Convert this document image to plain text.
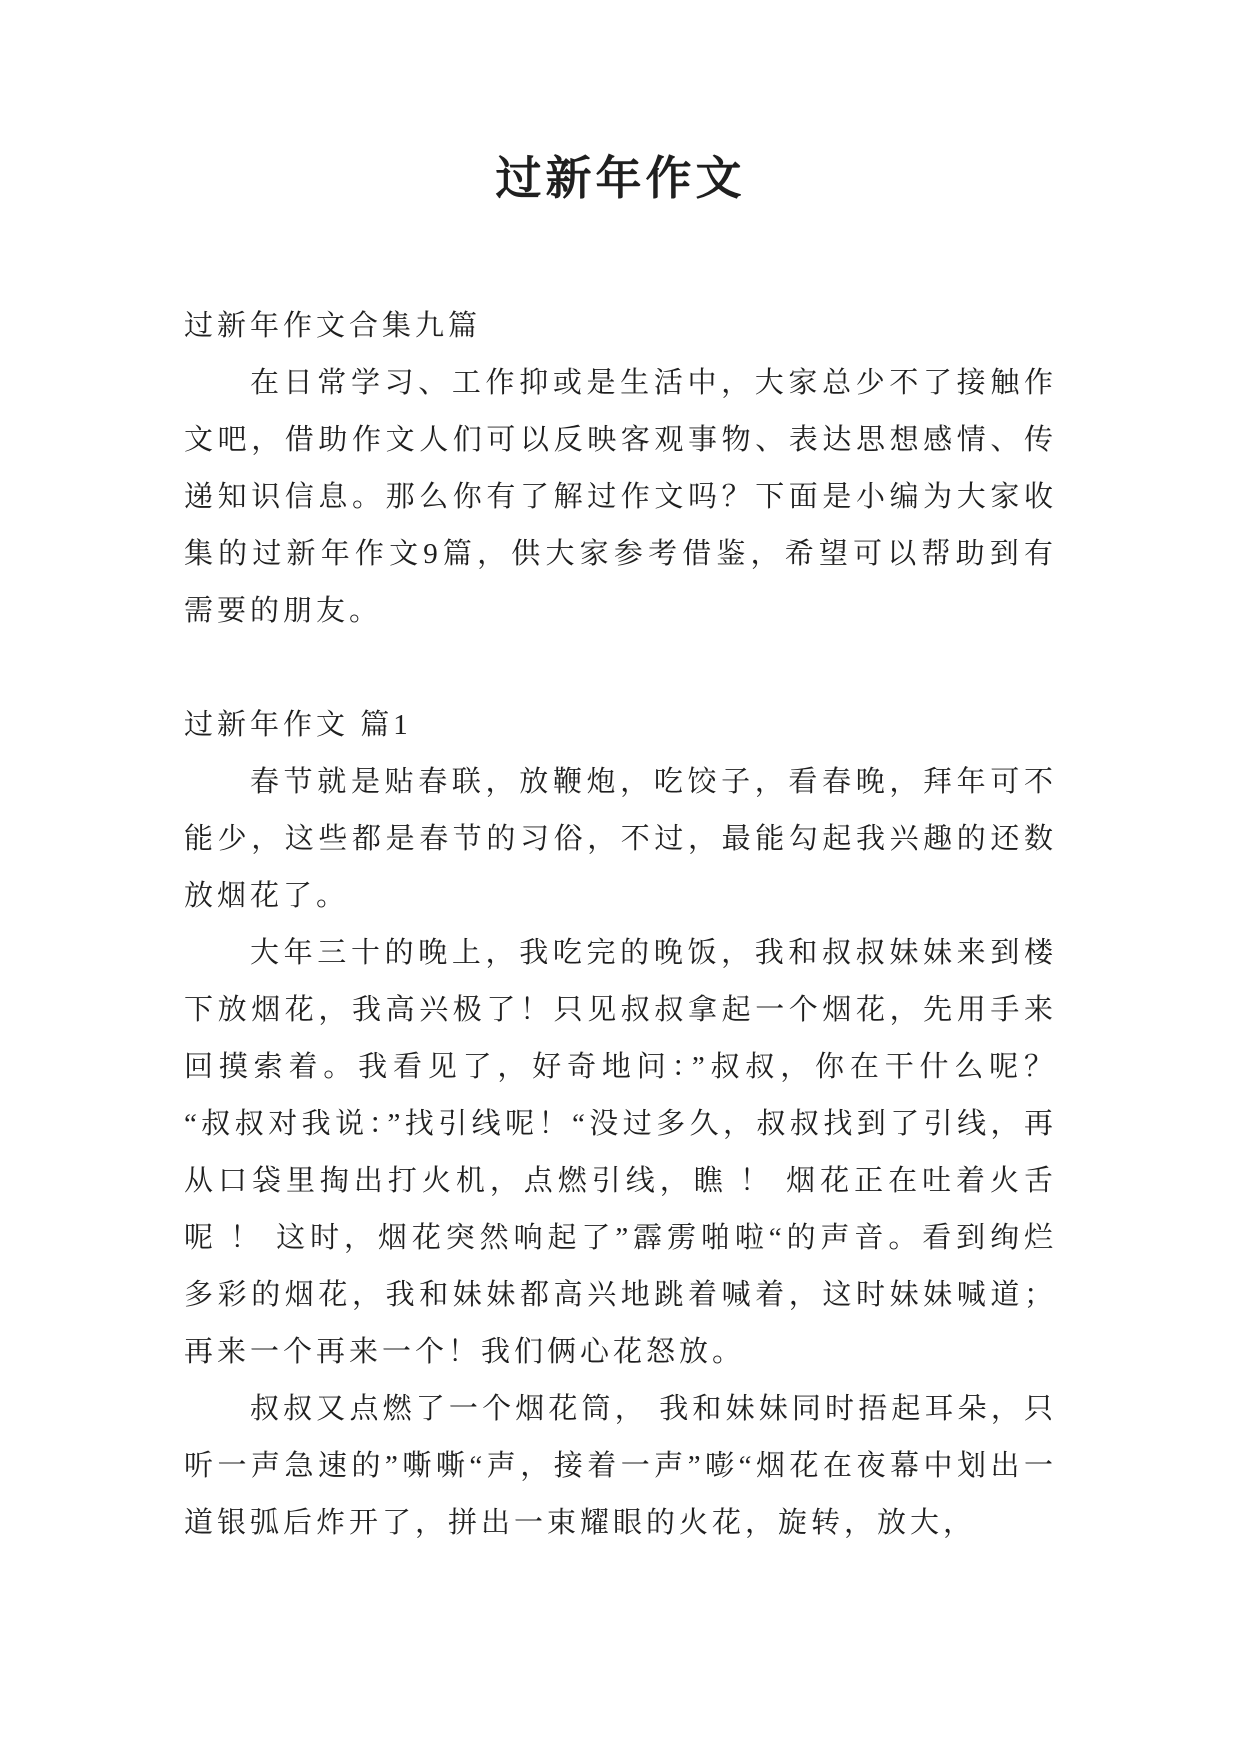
过新年作文

过新年作文合集九篇

在日常学习、工作抑或是生活中，大家总少不了接触作文吧，借助作文人们可以反映客观事物、表达思想感情、传递知识信息。那么你有了解过作文吗？下面是小编为大家收集的过新年作文9篇，供大家参考借鉴，希望可以帮助到有需要的朋友。

过新年作文 篇1

春节就是贴春联，放鞭炮，吃饺子，看春晚，拜年可不能少，这些都是春节的习俗，不过，最能勾起我兴趣的还数放烟花了。

大年三十的晚上，我吃完的晚饭，我和叔叔妹妹来到楼下放烟花，我高兴极了！只见叔叔拿起一个烟花，先用手来回摸索着。我看见了，好奇地问：”叔叔，你在干什么呢？“叔叔对我说：”找引线呢！“没过多久，叔叔找到了引线，再从口袋里掏出打火机，点燃引线，瞧 ！ 烟花正在吐着火舌呢 ！ 这时，烟花突然响起了”霹雳啪啦“的声音。看到绚烂多彩的烟花，我和妹妹都高兴地跳着喊着，这时妹妹喊道；再来一个再来一个！我们俩心花怒放。

叔叔又点燃了一个烟花筒， 我和妹妹同时捂起耳朵，只听一声急速的”嘶嘶“声，接着一声”嘭“烟花在夜幕中划出一道银弧后炸开了，拼出一束耀眼的火花，旋转，放大，
